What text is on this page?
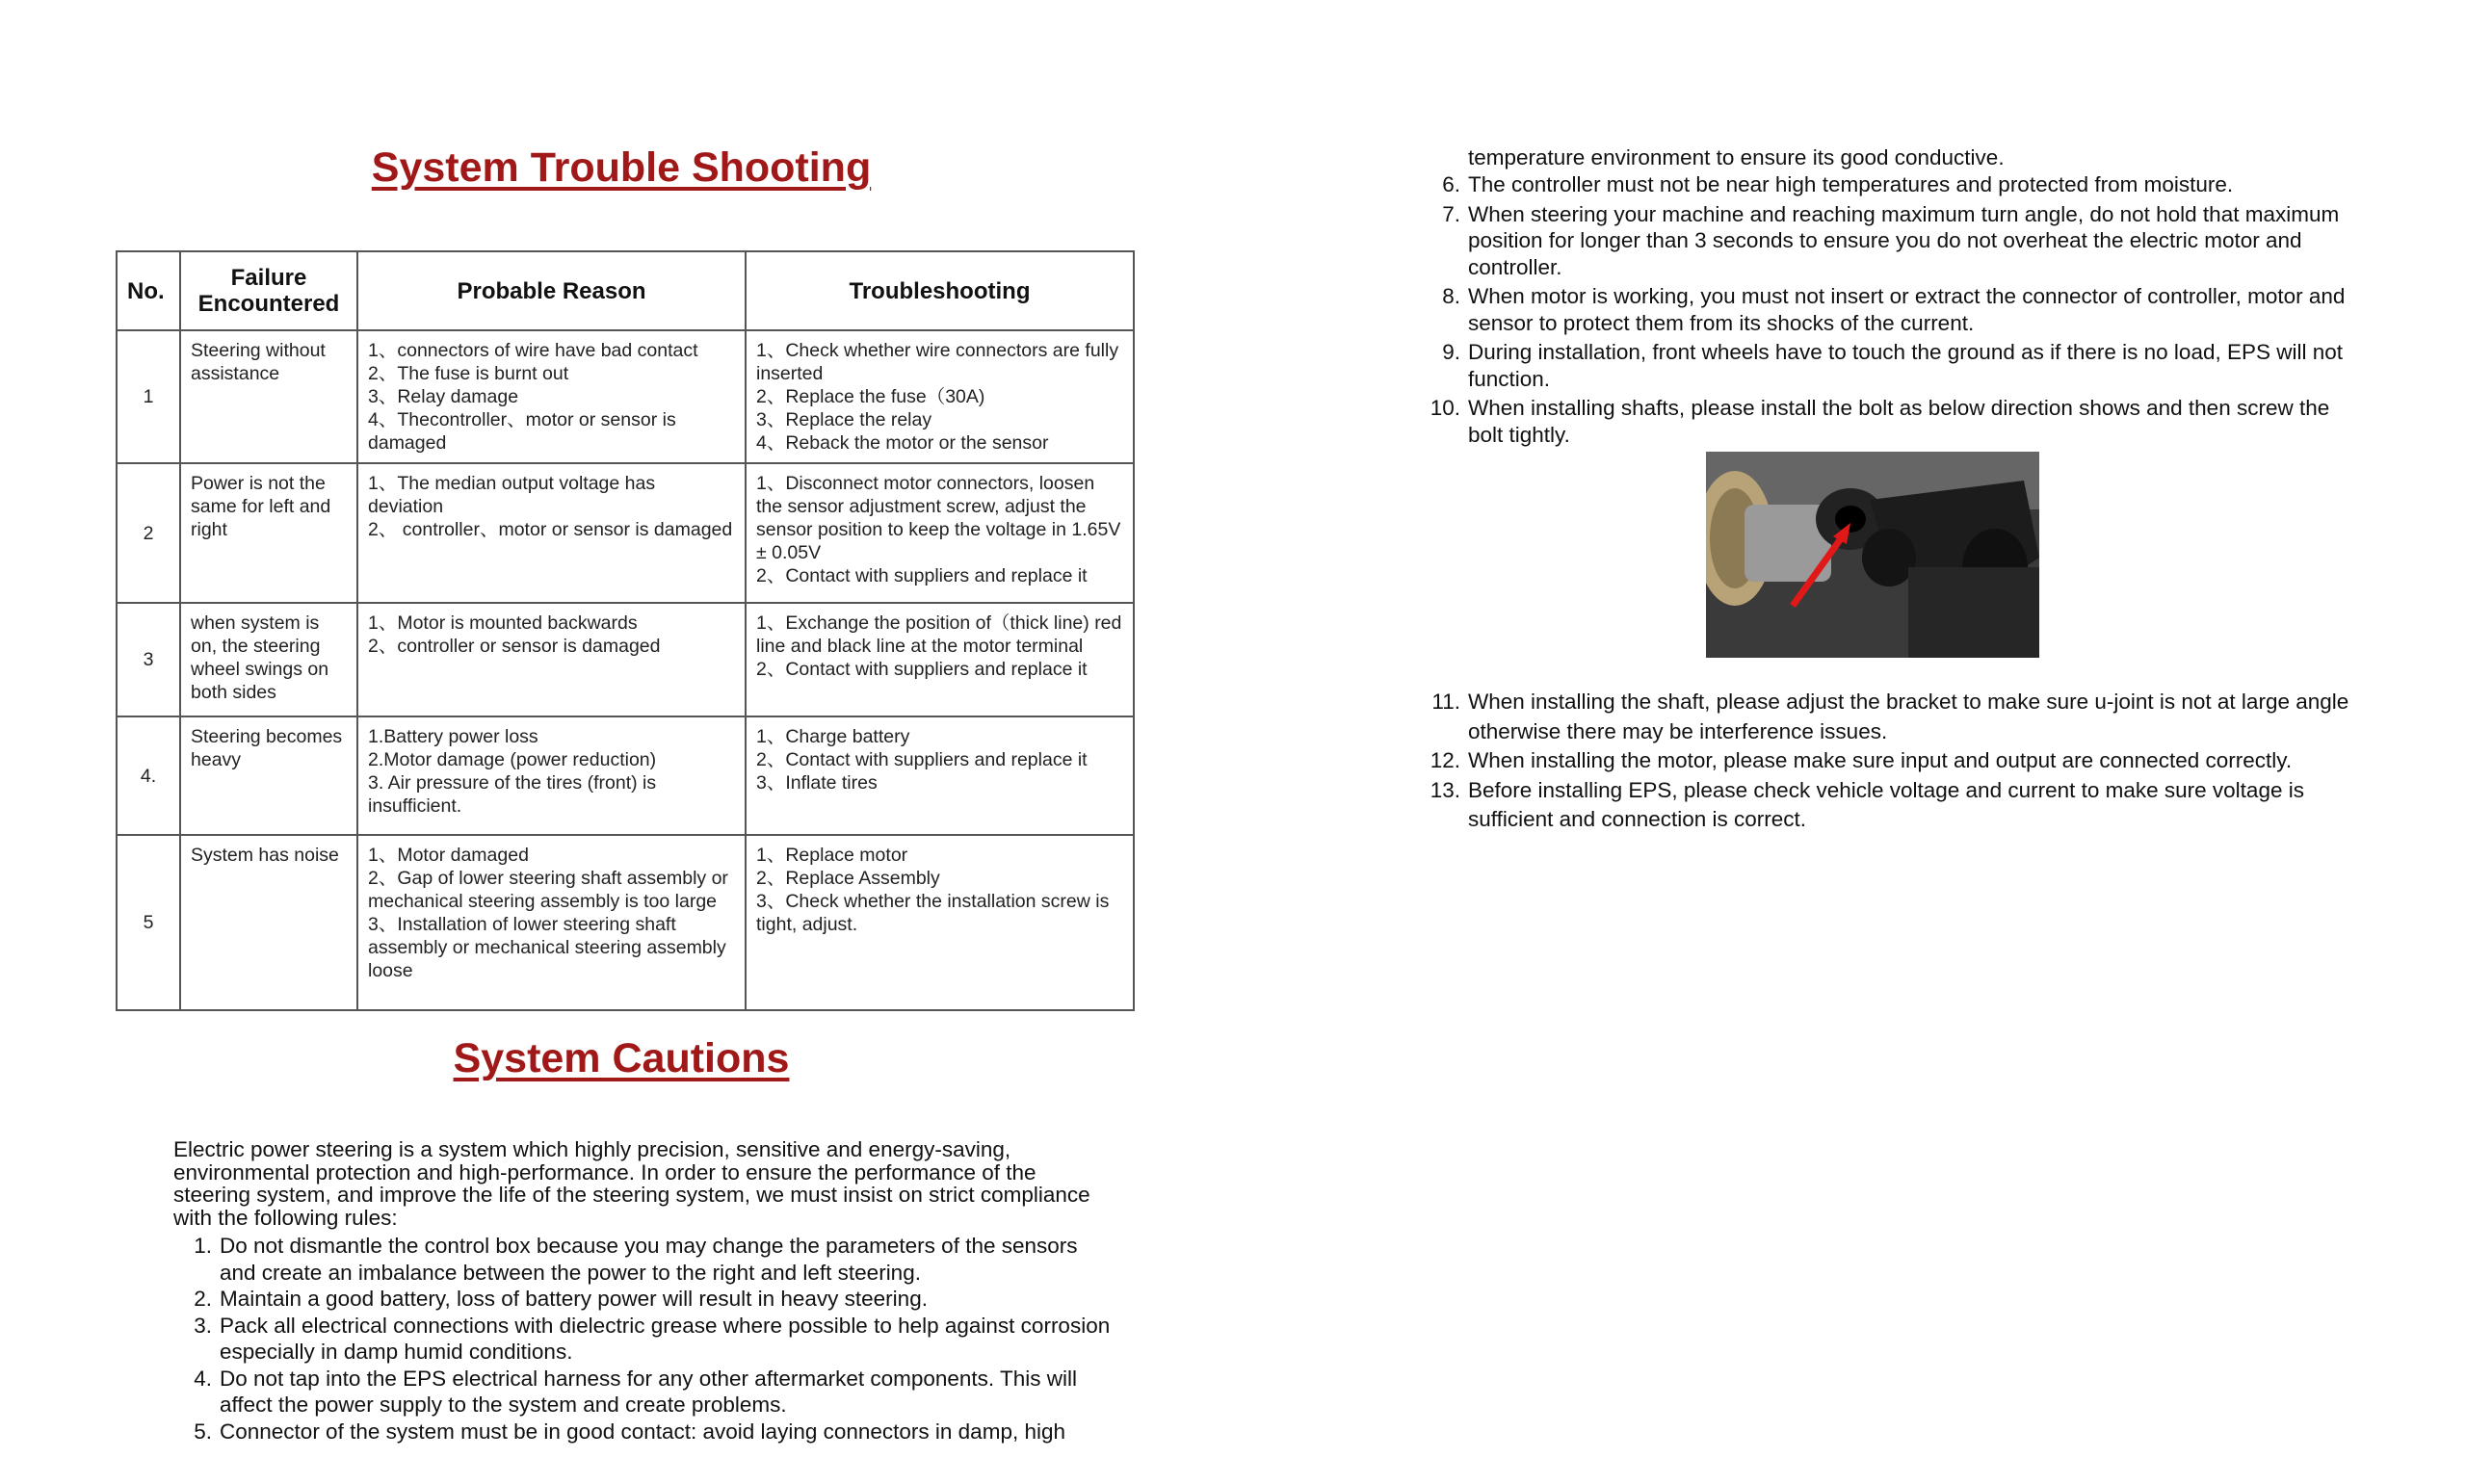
System Trouble Shooting
No.	Failure Encountered	Probable Reason	Troubleshooting
1	Steering without assistance	1、connectors of wire have bad contact
2、The fuse is burnt out
3、Relay damage
4、Thecontroller、motor or sensor is damaged	1、Check whether wire connectors are fully inserted
2、Replace the fuse（30A)
3、Replace the relay
4、Reback the motor or the sensor

2	Power is not the same for left and right	1、The median output voltage has deviation
2、 controller、motor or sensor is damaged	1、Disconnect motor connectors, loosen the sensor adjustment screw, adjust the sensor position to keep the voltage in 1.65V ± 0.05V
2、Contact with suppliers and replace it

3	when system is on, the steering wheel swings on both sides	1、Motor is mounted backwards
2、controller or sensor is damaged	1、Exchange the position of（thick line) red line and black line at the motor terminal
2、Contact with suppliers and replace it

4.	Steering becomes heavy	1.Battery power loss
2.Motor damage (power reduction)
3. Air pressure of the tires (front) is insufficient.	1、Charge battery
2、Contact with suppliers and replace it
3、Inflate tires

5	System has noise	1、Motor damaged
2、Gap of lower steering shaft assembly or mechanical steering assembly is too large
3、Installation of lower steering shaft assembly or mechanical steering assembly loose	1、Replace motor
2、Replace Assembly
3、Check whether the installation screw is tight, adjust.
System Cautions

Electric power steering is a system which highly precision, sensitive and energy-saving, environmental protection and high-performance. In order to ensure the performance of the steering system, and improve the life of the steering system, we must insist on strict compliance with the following rules:

1. Do not dismantle the control box because you may change the parameters of the sensors and create an imbalance between the power to the right and left steering.
2. Maintain a good battery, loss of battery power will result in heavy steering.
3. Pack all electrical connections with dielectric grease where possible to help against corrosion especially in damp humid conditions.
4. Do not tap into the EPS electrical harness for any other aftermarket components. This will affect the power supply to the system and create problems.
5. Connector of the system must be in good contact: avoid laying connectors in damp, high
temperature environment to ensure its good conductive.
6. The controller must not be near high temperatures and protected from moisture.
7. When steering your machine and reaching maximum turn angle, do not hold that maximum position for longer than 3 seconds to ensure you do not overheat the electric motor and controller.
8. When motor is working, you must not insert or extract the connector of controller, motor and sensor to protect them from its shocks of the current.
9. During installation, front wheels have to touch the ground as if there is no load, EPS will not function.
10. When installing shafts, please install the bolt as below direction shows and then screw the bolt tightly.
11. When installing the shaft, please adjust the bracket to make sure u-joint is not at large angle otherwise there may be interference issues.
12. When installing the motor, please make sure input and output are connected correctly.
13. Before installing EPS, please check vehicle voltage and current to make sure voltage is sufficient and connection is correct.
